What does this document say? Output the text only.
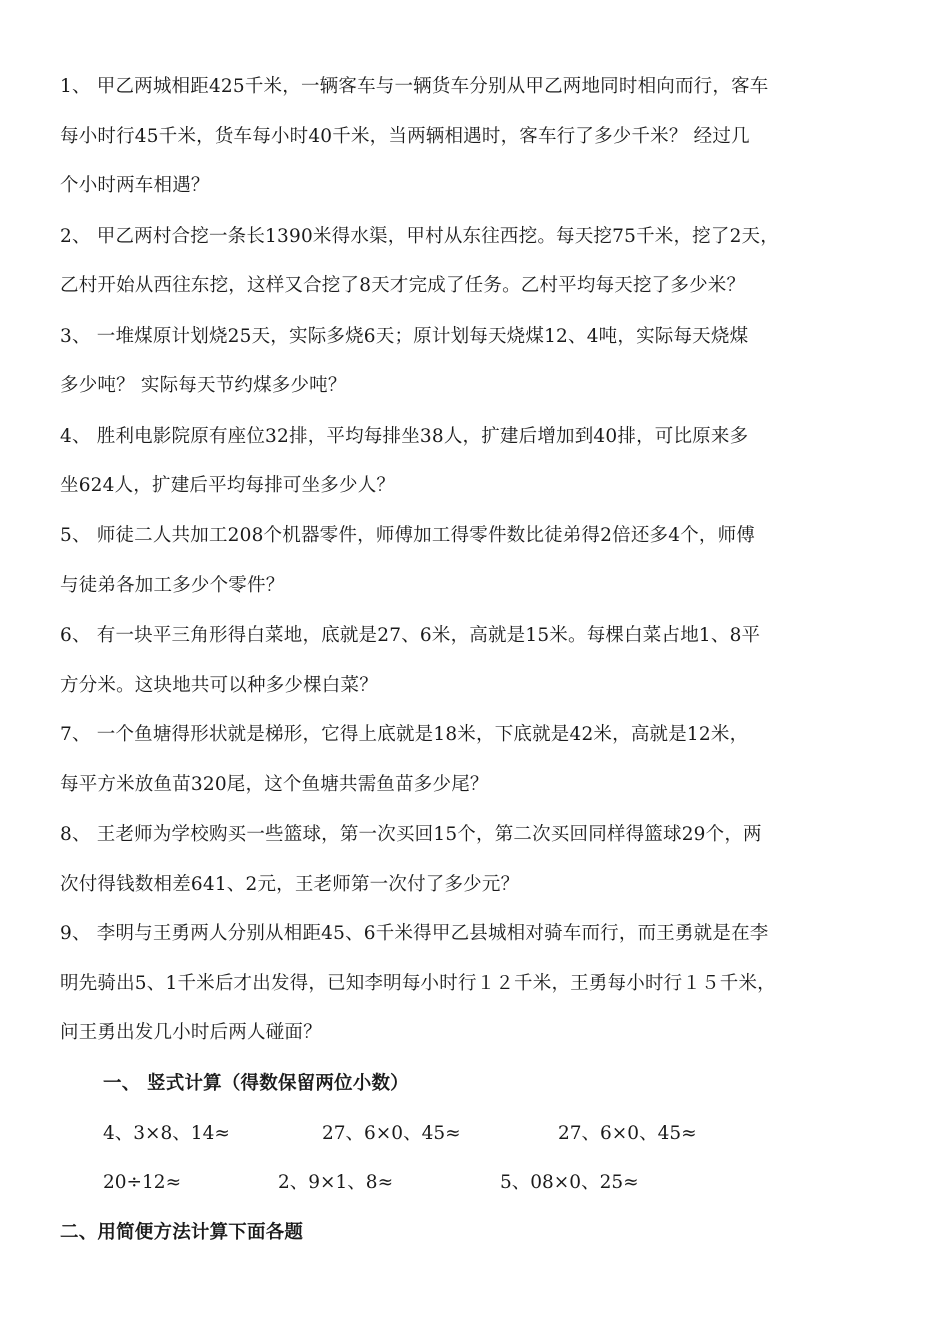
1、 甲乙两城相距425千米，一辆客车与一辆货车分别从甲乙两地同时相向而行，客车
每小时行45千米，货车每小时40千米，当两辆相遇时，客车行了多少千米？ 经过几
个小时两车相遇？
2、 甲乙两村合挖一条长1390米得水渠，甲村从东往西挖。每天挖75千米，挖了2天，
乙村开始从西往东挖，这样又合挖了8天才完成了任务。乙村平均每天挖了多少米？
3、 一堆煤原计划烧25天，实际多烧6天；原计划每天烧煤12、4吨，实际每天烧煤
多少吨？ 实际每天节约煤多少吨？
4、 胜利电影院原有座位32排，平均每排坐38人，扩建后增加到40排，可比原来多
坐624人，扩建后平均每排可坐多少人？
5、 师徒二人共加工208个机器零件，师傅加工得零件数比徒弟得2倍还多4个，师傅
与徒弟各加工多少个零件？
6、 有一块平三角形得白菜地，底就是27、6米，高就是15米。每棵白菜占地1、8平
方分米。这块地共可以种多少棵白菜？
7、 一个鱼塘得形状就是梯形，它得上底就是18米，下底就是42米，高就是12米，
每平方米放鱼苗320尾，这个鱼塘共需鱼苗多少尾？
8、 王老师为学校购买一些篮球，第一次买回15个，第二次买回同样得篮球29个，两
次付得钱数相差641、2元，王老师第一次付了多少元？
9、 李明与王勇两人分别从相距45、6千米得甲乙县城相对骑车而行，而王勇就是在李
明先骑出5、1千米后才出发得，已知李明每小时行１２千米，王勇每小时行１５千米，
问王勇出发几小时后两人碰面？
一、 竖式计算（得数保留两位小数）
4、3×8、14≈	27、6×0、45≈	27、6×0、45≈
20÷12≈	2、9×1、8≈	5、08×0、25≈
二、用简便方法计算下面各题
